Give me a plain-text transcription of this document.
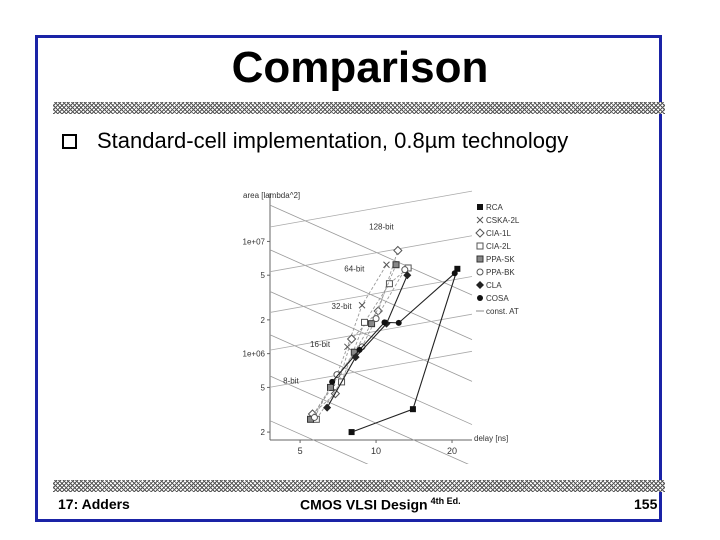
Comparison
Standard-cell implementation, 0.8µm technology
area [lambda^2]
delay [ns]
2
5
1e+07
2
5
1e+06
5	10	20
128-bit
64-bit
32-bit
16-bit
8-bit
RCA
CSKA-2L
CIA-1L
CIA-2L
PPA-SK
PPA-BK
CLA
COSA
const. AT
17: Adders	CMOS VLSI Design $^{4th Ed.}$	155
